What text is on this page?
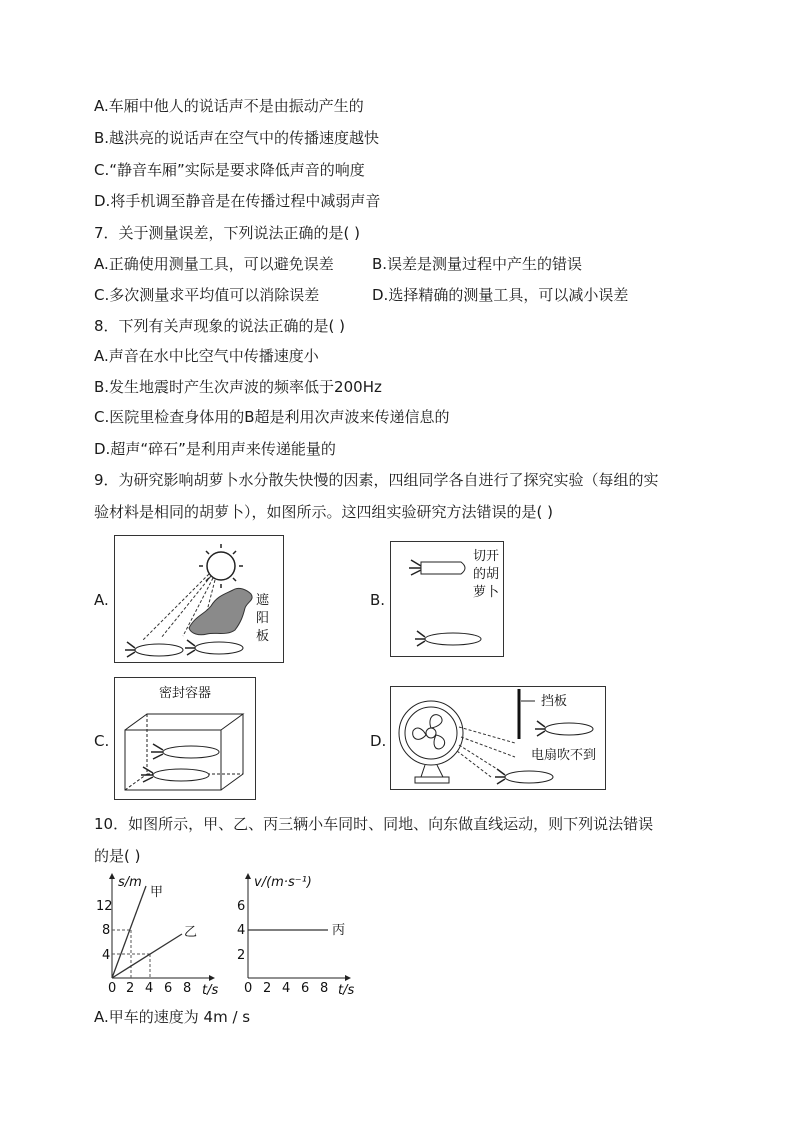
A.车厢中他人的说话声不是由振动产生的
B.越洪亮的说话声在空气中的传播速度越快
C.“静音车厢”实际是要求降低声音的响度
D.将手机调至静音是在传播过程中减弱声音
7．关于测量误差，下列说法正确的是( )
A.正确使用测量工具，可以避免误差	B.误差是测量过程中产生的错误
C.多次测量求平均值可以消除误差	D.选择精确的测量工具，可以减小误差
8．下列有关声现象的说法正确的是( )
A.声音在水中比空气中传播速度小
B.发生地震时产生次声波的频率低于200Hz
C.医院里检查身体用的B超是利用次声波来传递信息的
D.超声“碎石”是利用声来传递能量的
9．为研究影响胡萝卜水分散失快慢的因素，四组同学各自进行了探究实验（每组的实
验材料是相同的胡萝卜），如图所示。这四组实验研究方法错误的是( )
A.	遮
阳
板
B.
切开
的胡
萝卜
C.
密封容器
D.
挡板
电扇吹不到
10．如图所示，甲、乙、丙三辆小车同时、同地、向东做直线运动，则下列说法错误
的是( )
s/m
t/s
12
8
4
0 2 4 6 8
甲
乙
v/(m·s⁻¹)
t/s
6
4
2
0 2 4 6 8
丙
A.甲车的速度为 4m / s
